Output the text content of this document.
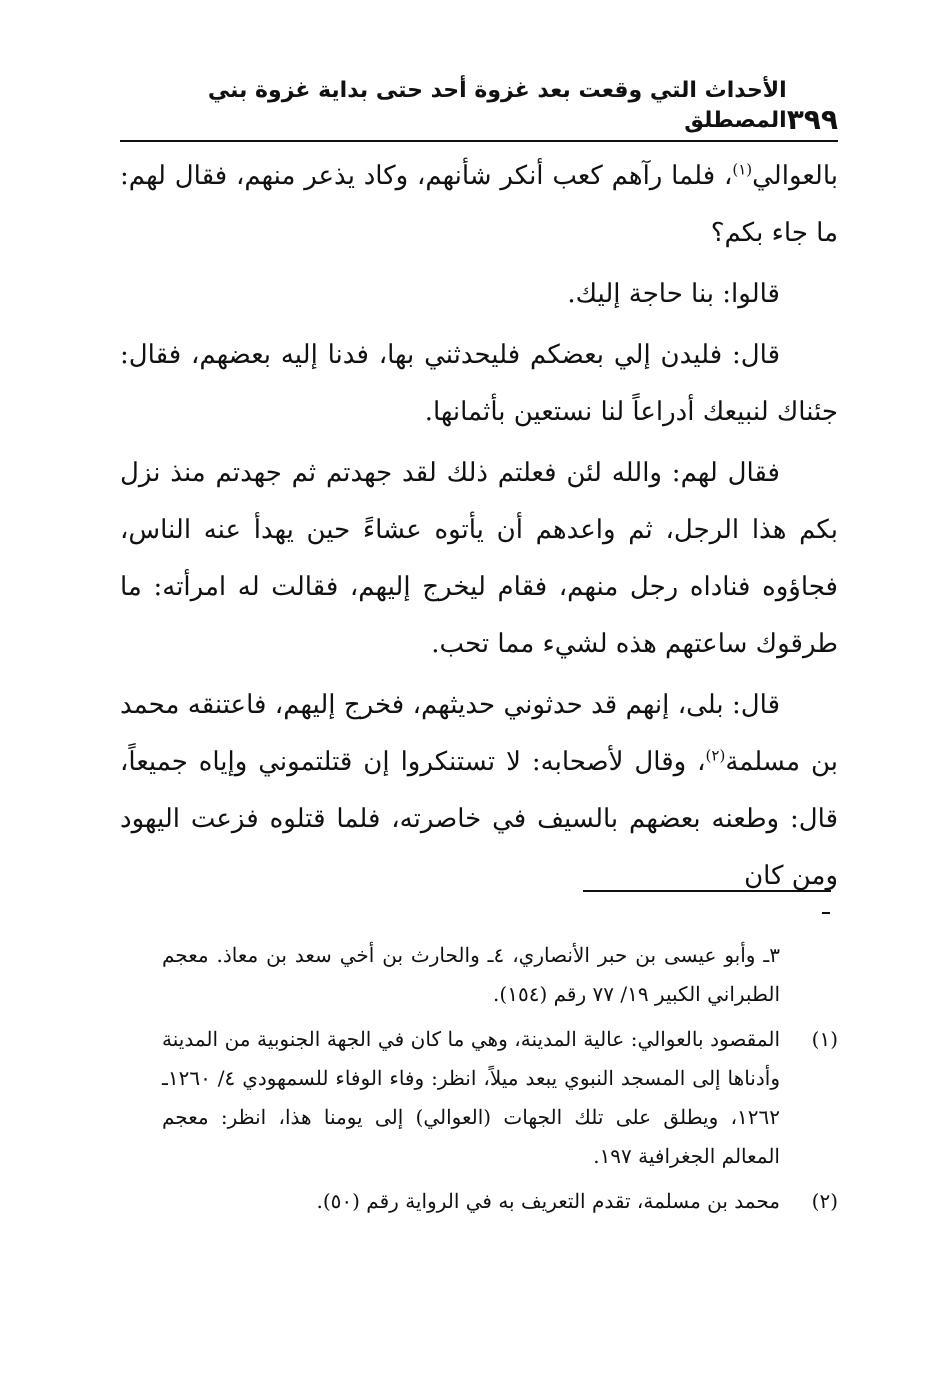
٣٩٩
الأحداث التي وقعت بعد غزوة أحد حتى بداية غزوة بني المصطلق

بالعوالي$^{(١)}$، فلما رآهم كعب أنكر شأنهم، وكاد يذعر منهم، فقال لهم: ما جاء بكم؟

قالوا: بنا حاجة إليك.

قال: فليدن إلي بعضكم فليحدثني بها، فدنا إليه بعضهم، فقال: جئناك لنبيعك أدراعاً لنا نستعين بأثمانها.

فقال لهم: والله لئن فعلتم ذلك لقد جهدتم ثم جهدتم منذ نزل بكم هذا الرجل، ثم واعدهم أن يأتوه عشاءً حين يهدأ عنه الناس، فجاؤوه فناداه رجل منهم، فقام ليخرج إليهم، فقالت له امرأته: ما طرقوك ساعتهم هذه لشيء مما تحب.

قال: بلى، إنهم قد حدثوني حديثهم، فخرج إليهم، فاعتنقه محمد بن مسلمة$^{(٢)}$، وقال لأصحابه: لا تستنكروا إن قتلتموني وإياه جميعاً، قال: وطعنه بعضهم بالسيف في خاصرته، فلما قتلوه فزعت اليهود ومن كان

٣ـ وأبو عيسى بن حبر الأنصاري، ٤ـ والحارث بن أخي سعد بن معاذ. معجم الطبراني الكبير ١٩/ ٧٧ رقم (١٥٤).
(١)
المقصود بالعوالي: عالية المدينة، وهي ما كان في الجهة الجنوبية من المدينة وأدناها إلى المسجد النبوي يبعد ميلاً، انظر: وفاء الوفاء للسمهودي ٤/ ١٢٦٠ـ ١٢٦٢، ويطلق على تلك الجهات (العوالي) إلى يومنا هذا، انظر: معجم المعالم الجغرافية ١٩٧.
(٢)
محمد بن مسلمة، تقدم التعريف به في الرواية رقم (٥٠).
